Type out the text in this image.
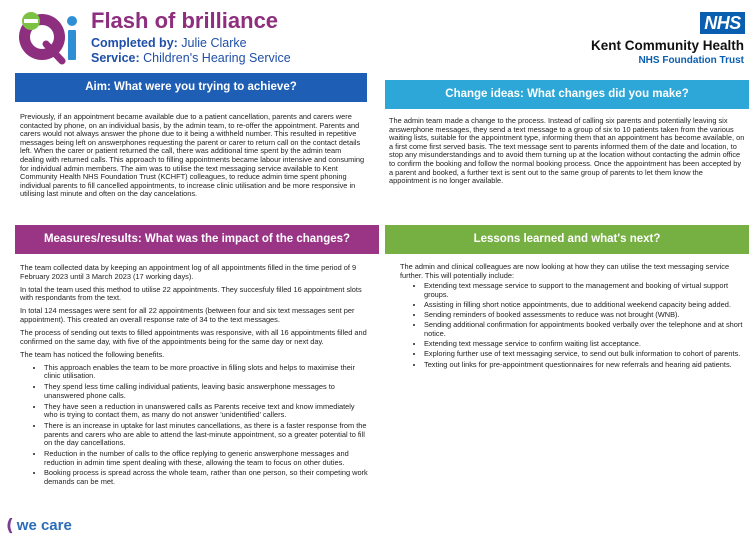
Flash of brilliance
Completed by: Julie Clarke
Service: Children's Hearing Service
NHS
Kent Community Health
NHS Foundation Trust
Aim: What were you trying to achieve?

Previously, if an appointment became available due to a patient cancellation, parents and carers were contacted by phone, on an individual basis, by the admin team, to re-offer the appointment. Parents and carers would not always answer the phone due to it being a withheld number. This resulted in repetitive messages being left on answerphones requesting the parent or carer to return call on the contact details left. When the carer or patient returned the call, there was additional time spent by the admin team dealing with returned calls. This approach to filling appointments became labour intensive and consuming for individual admin members. The aim was to utilise the text messaging service available to Kent Community Health NHS Foundation Trust (KCHFT) colleagues, to reduce admin time spent phoning individual parents to fill cancelled appointments, to increase clinic utilisation and be more responsive in utilising last minute and often on the day cancelations.

Change ideas: What changes did you make?

The admin team made a change to the process. Instead of calling six parents and potentially leaving six answerphone messages, they send a text message to a group of six to 10 patients taken from the various waiting lists, suitable for the appointment type, informing them that an appointment has become available, on a first come first served basis. The text message sent to parents informed them of the date and location, to stop any misunderstandings and to avoid them turning up at the location without contacting the admin office to confirm the booking and follow the normal booking process. Once the appointment has been accepted by a parent and booked, a further text is sent out to the same group of parents to let them know the appointment is no longer available.

Measures/results: What was the impact of the changes?

The team collected data by keeping an appointment log of all appointments filled in the time period of 9 February 2023 until 3 March 2023 (17 working days).

In total the team used this method to utilise 22 appointments. They succesfuly filled 16 appointment slots with respondants from the text.

In total 124 messages were sent for all 22 appointments (between four and six text messages sent per appointment). This created an overall response rate of 34 to the text messages.

The process of sending out texts to filled appointments was responsive, with all 16 appointments filled and confirmed on the same day, with five of the appointments being for the same day or next day.

The team has noticed the following benefits.

• This approach enables the team to be more proactive in filling slots and helps to maximise their clinic utilisation.
• They spend less time calling individual patients, leaving basic answerphone messages to unanswered phone calls.
• They have seen a reduction in unanswered calls as Parents receive text and know immediately who is trying to contact them, as many do not answer 'unidentified' callers.
• There is an increase in uptake for last minutes cancellations, as there is a faster response from the parents and carers who are able to attend the last-minute appointment, so a greater potential to fill on the day cancellations.
• Reduction in the number of calls to the office replying to generic answerphone messages and reduction in admin time spent dealing with these, allowing the team to focus on other duties.
• Booking process is spread across the whole team, rather than one person, so their competing work demands can be met.
Lessons learned and what's next?

The admin and clinical colleagues are now looking at how they can utilise the text messaging service further. This will potentially include:

• Extending text message service to support to the management and booking of virtual support groups.
• Assisting in filling short notice appointments, due to additional weekend capacity being added.
• Sending reminders of booked assessments to reduce was not brought (WNB).
• Sending additional confirmation for appointments booked verbally over the telephone and at short notice.
• Extending text message service to confirm waiting list acceptance.
• Exploring further use of text messaging service, to send out bulk information to cohort of parents.
• Texting out links for pre-appointment questionnaires for new referrals and hearing aid patients.
( we care
